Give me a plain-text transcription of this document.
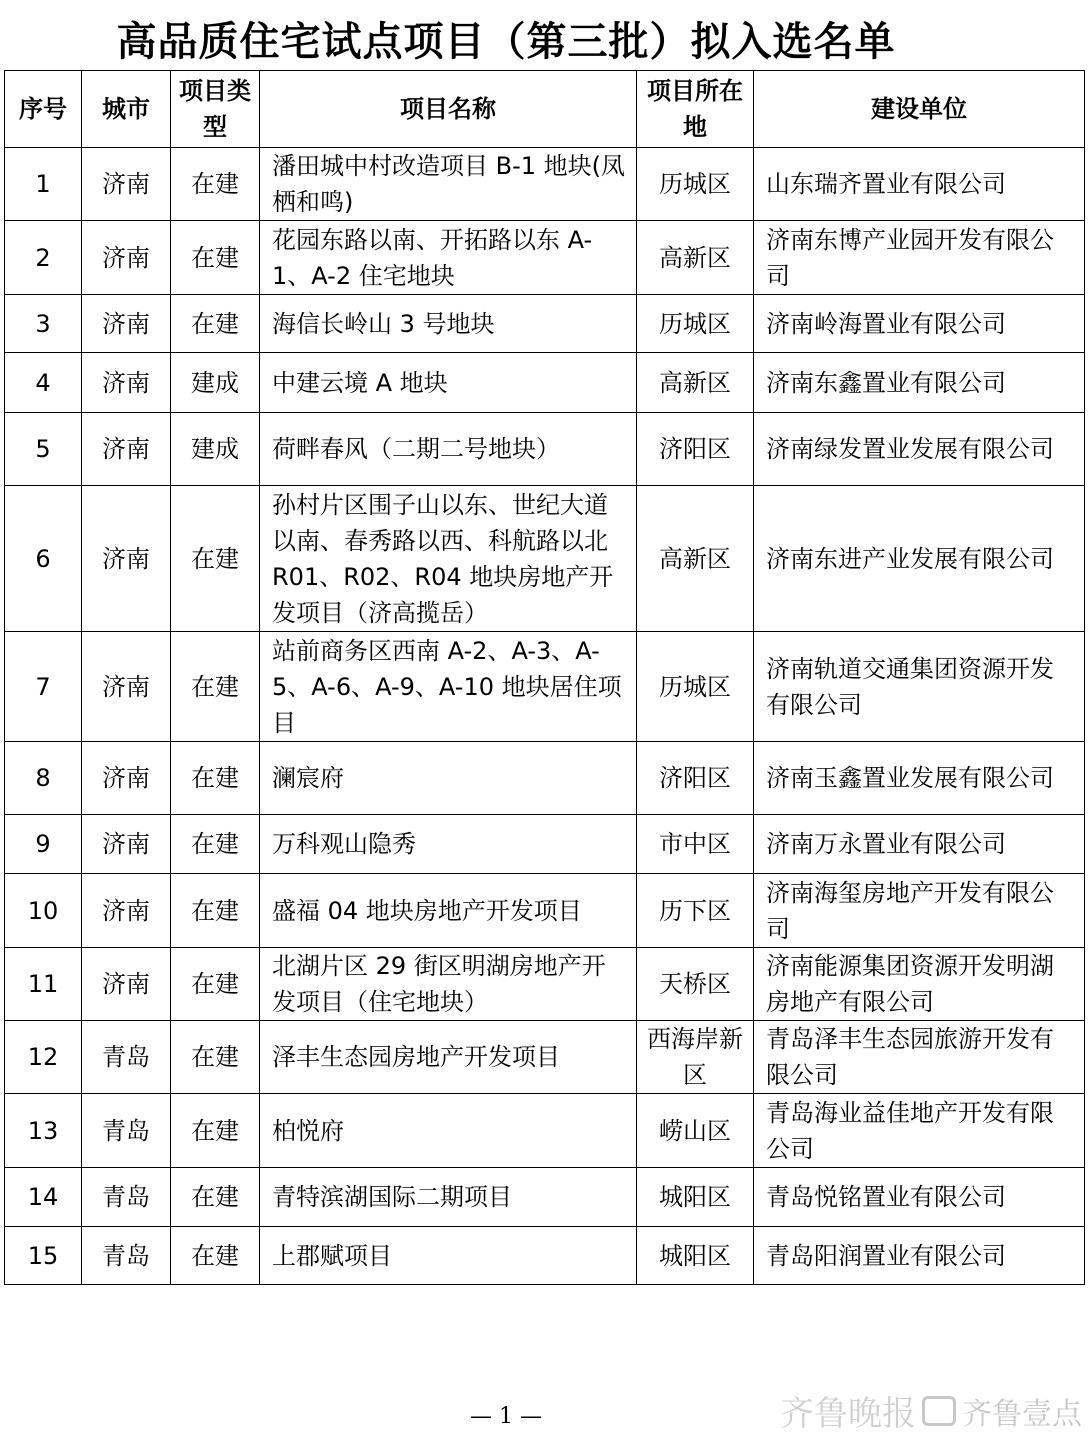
高品质住宅试点项目（第三批）拟入选名单
序号	城市	项目类型	项目名称	项目所在地	建设单位
1	济南	在建	潘田城中村改造项目 B-1 地块(凤栖和鸣)	历城区	山东瑞齐置业有限公司
2	济南	在建	花园东路以南、开拓路以东 A-1、A-2 住宅地块	高新区	济南东博产业园开发有限公司
3	济南	在建	海信长岭山 3 号地块	历城区	济南岭海置业有限公司
4	济南	建成	中建云境 A 地块	高新区	济南东鑫置业有限公司
5	济南	建成	荷畔春风（二期二号地块）	济阳区	济南绿发置业发展有限公司
6	济南	在建	孙村片区围子山以东、世纪大道以南、春秀路以西、科航路以北 R01、R02、R04 地块房地产开发项目（济高揽岳）	高新区	济南东进产业发展有限公司
7	济南	在建	站前商务区西南 A-2、A-3、A-5、A-6、A-9、A-10 地块居住项目	历城区	济南轨道交通集团资源开发有限公司
8	济南	在建	澜宸府	济阳区	济南玉鑫置业发展有限公司
9	济南	在建	万科观山隐秀	市中区	济南万永置业有限公司
10	济南	在建	盛福 04 地块房地产开发项目	历下区	济南海玺房地产开发有限公司
11	济南	在建	北湖片区 29 街区明湖房地产开发项目（住宅地块）	天桥区	济南能源集团资源开发明湖房地产有限公司
12	青岛	在建	泽丰生态园房地产开发项目	西海岸新区	青岛泽丰生态园旅游开发有限公司
13	青岛	在建	柏悦府	崂山区	青岛海业益佳地产开发有限公司
14	青岛	在建	青特滨湖国际二期项目	城阳区	青岛悦铭置业有限公司
15	青岛	在建	上郡赋项目	城阳区	青岛阳润置业有限公司
— 1 —	齐鲁晚报 齐鲁壹点
